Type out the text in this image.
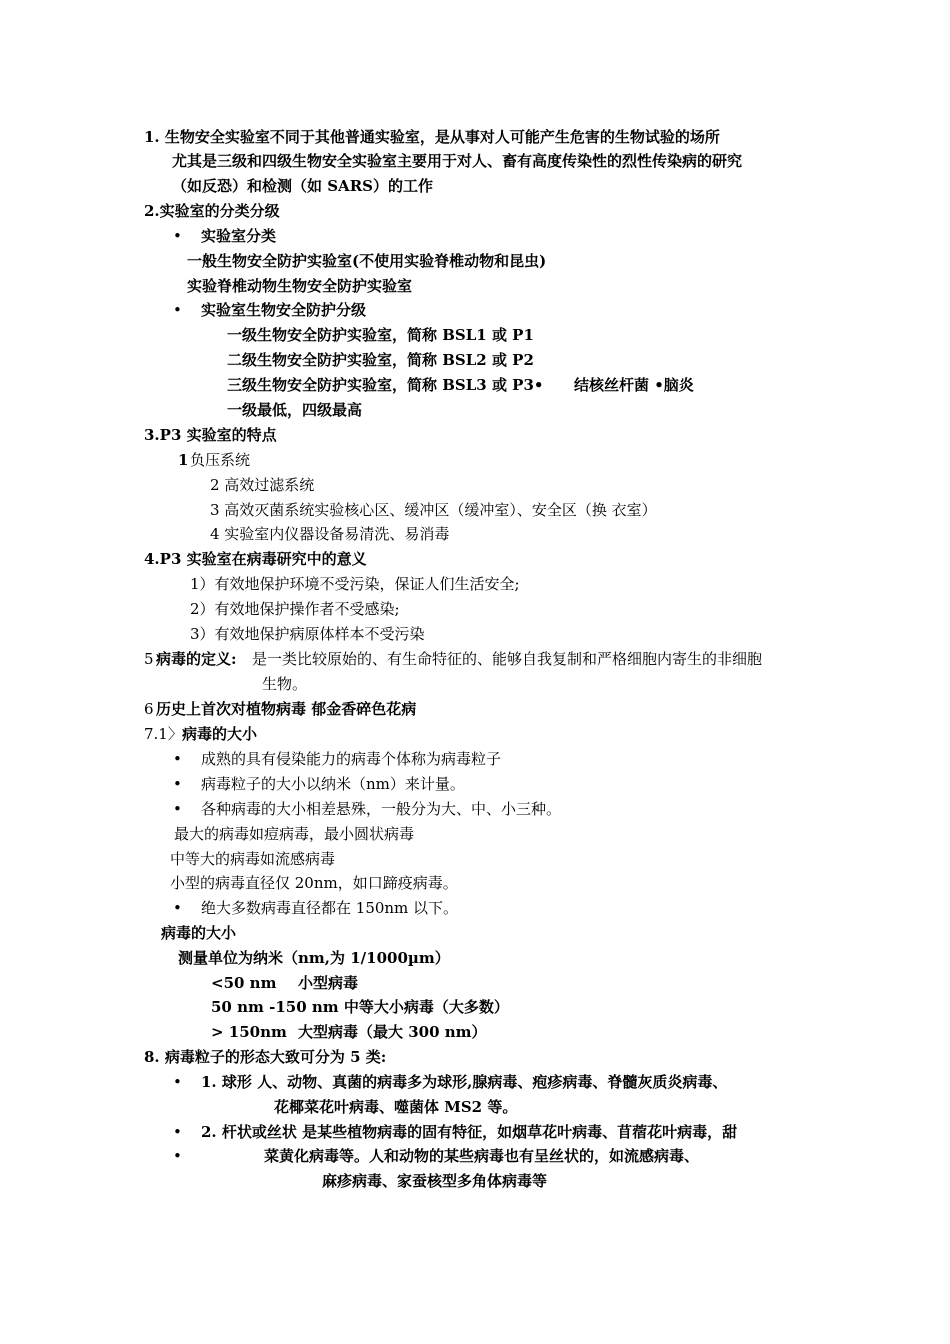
1. 生物安全实验室不同于其他普通实验室，是从事对人可能产生危害的生物试验的场所
尤其是三级和四级生物安全实验室主要用于对人、畜有高度传染性的烈性传染病的研究
（如反恐）和检测（如 SARS）的工作
2.实验室的分类分级
• 实验室分类
一般生物安全防护实验室(不使用实验脊椎动物和昆虫)
实验脊椎动物生物安全防护实验室
• 实验室生物安全防护分级
一级生物安全防护实验室，简称 BSL1 或 P1
二级生物安全防护实验室，简称 BSL2 或 P2
三级生物安全防护实验室，简称 BSL3 或 P3• 结核丝杆菌 •脑炎
一级最低，四级最高
3.P3 实验室的特点
1 负压系统
2 高效过滤系统
3 高效灭菌系统实验核心区、缓冲区（缓冲室）、安全区（换 衣室）
4 实验室内仪器设备易清洗、易消毒
4.P3 实验室在病毒研究中的意义
1）有效地保护环境不受污染，保证人们生活安全;
2）有效地保护操作者不受感染;
3）有效地保护病原体样本不受污染
5 病毒的定义: 是一类比较原始的、有生命特征的、能够自我复制和严格细胞内寄生的非细胞
生物。
6 历史上首次对植物病毒 郁金香碎色花病
7.1〉 病毒的大小
• 成熟的具有侵染能力的病毒个体称为病毒粒子
• 病毒粒子的大小以纳米（nm）来计量。
• 各种病毒的大小相差悬殊，一般分为大、中、小三种。
最大的病毒如痘病毒，最小圆状病毒
中等大的病毒如流感病毒
小型的病毒直径仅 20nm，如口蹄疫病毒。
• 绝大多数病毒直径都在 150nm 以下。
病毒的大小
测量单位为纳米（nm,为 1/1000µm）
<50 nm 小型病毒
50 nm -150 nm 中等大小病毒（大多数）
> 150nm 大型病毒（最大 300 nm）
8. 病毒粒子的形态大致可分为 5 类:
• 1. 球形 人、动物、真菌的病毒多为球形,腺病毒、疱疹病毒、脊髓灰质炎病毒、
花椰菜花叶病毒、噬菌体 MS2 等。
• 2. 杆状或丝状 是某些植物病毒的固有特征，如烟草花叶病毒、苜蓿花叶病毒，甜
•	菜黄化病毒等。人和动物的某些病毒也有呈丝状的，如流感病毒、
麻疹病毒、家蚕核型多角体病毒等
